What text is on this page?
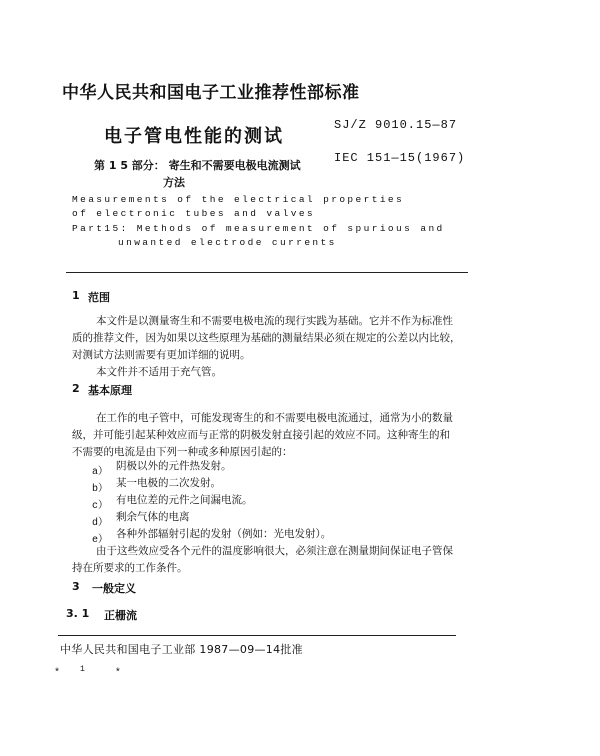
中华人民共和国电子工业推荐性部标准
电子管电性能的测试
SJ/Z 9010.15—87
IEC 151—15(1967)
第 1 5 部分： 寄生和不需要电极电流测试
方法
Measurements of the electrical properties
of electronic tubes and valves
Part15: Methods of measurement of spurious and
unwanted electrode currents
1 范围
本文件是以测量寄生和不需要电极电流的现行实践为基础。它并不作为标准性
质的推荐文件，因为如果以这些原理为基础的测量结果必须在规定的公差以内比较，
对测试方法则需要有更加详细的说明。
本文件并不适用于充气管。
2 基本原理
在工作的电子管中，可能发现寄生的和不需要电极电流通过，通常为小的数量
级，并可能引起某种效应而与正常的阴极发射直接引起的效应不同。这种寄生的和
不需要的电流是由下列一种或多种原因引起的：
a）
阴极以外的元件热发射。
b）
某一电极的二次发射。
c）
有电位差的元件之间漏电流。
d）
剩余气体的电离
e）
各种外部辐射引起的发射（例如：光电发射）。
由于这些效应受各个元件的温度影响很大，必须注意在测量期间保证电子管保
持在所要求的工作条件。
3 一般定义
3. 1 正栅流
中华人民共和国电子工业部 1987—09—14批准
*	$^1$	*
